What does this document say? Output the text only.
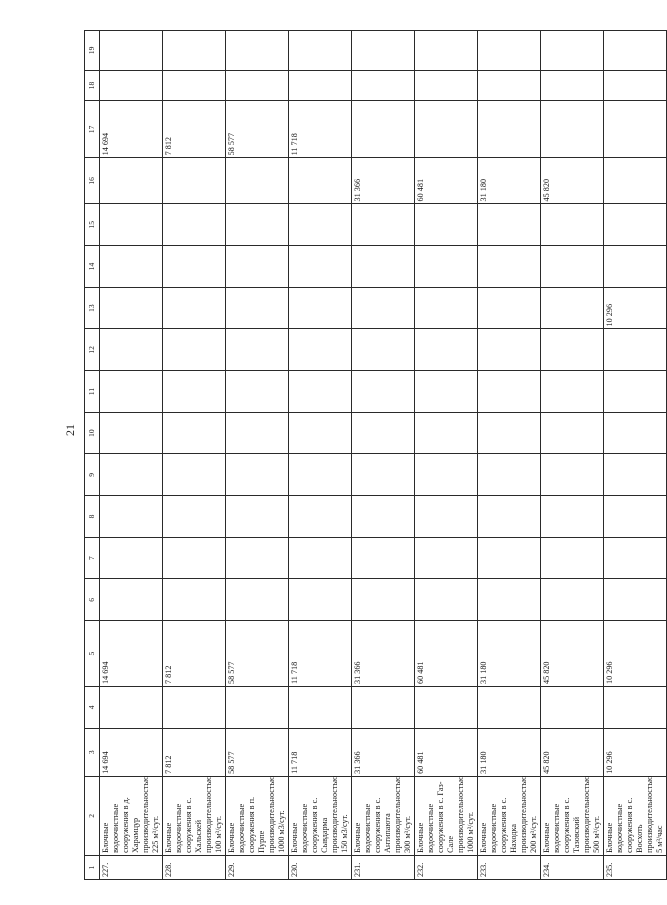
21
1	2	3	4	5	6	7	8	9	10	11	12	13	14	15	16	17	18	19
227.	Блочные водоочистные сооружения в д. Харамцур производительностью 225 м³/сут.	14 694		14 694												14 694		
228.	Блочные водоочистные сооружения в с. Хальскей производительностью 100 м³/сут.	7 812		7 812												7 812		
229.	Блочные водоочистные сооружения в п. Пурпе производительностью 1000 м3/сут.	58 577		58 577												58 577		
230.	Блочные водоочистные сооружения в с. Сывдарма производительностью 150 м3/сут.	11 718		11 718												11 718		
231.	Блочные водоочистные сооружения в с. Антипаюта производительностью 300 м³/сут.	31 366		31 366											31 366			
232.	Блочные водоочистные сооружения в с. Газ-Сале производительностью 1000 м³/сут.	60 481		60 481											60 481			
233.	Блочные водоочистные сооружения в с. Находка производительностью 200 м³/сут.	31 180		31 180											31 180			
234.	Блочные водоочистные сооружения в с. Тазовский производительностью 500 м³/сут.	45 820		45 820											45 820			
235.	Блочные водоочистные сооружения в с. Восхоть производительностью 5 м³/час	10 296		10 296								10 296						
